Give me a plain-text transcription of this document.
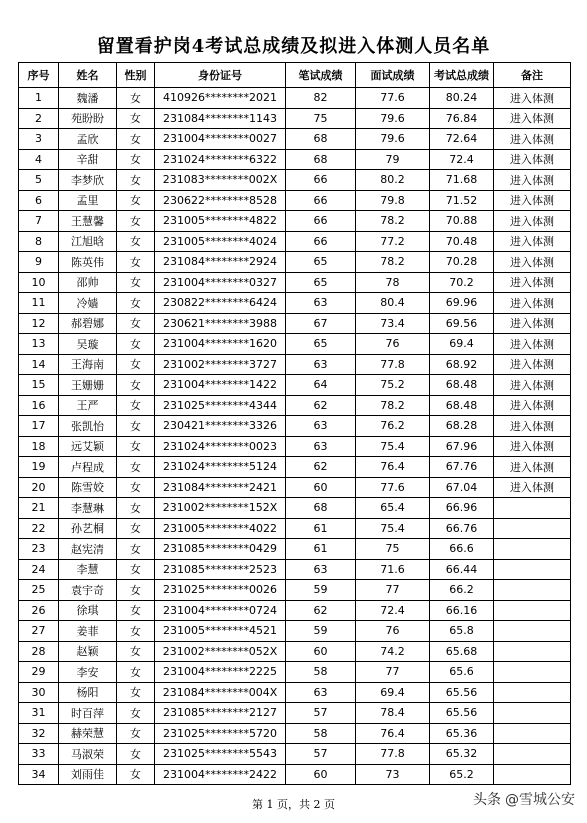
留置看护岗4考试总成绩及拟进入体测人员名单
序号	姓名	性别	身份证号	笔试成绩	面试成绩	考试总成绩	备注
1	魏潘	女	410926********2021	82	77.6	80.24	进入体测
2	苑盼盼	女	231084********1143	75	79.6	76.84	进入体测
3	孟欣	女	231004********0027	68	79.6	72.64	进入体测
4	辛甜	女	231024********6322	68	79	72.4	进入体测
5	李梦欣	女	231083********002X	66	80.2	71.68	进入体测
6	孟里	女	230622********8528	66	79.8	71.52	进入体测
7	王慧馨	女	231005********4822	66	78.2	70.88	进入体测
8	江旭晗	女	231005********4024	66	77.2	70.48	进入体测
9	陈英伟	女	231084********2924	65	78.2	70.28	进入体测
10	邵帅	女	231004********0327	65	78	70.2	进入体测
11	冷嫱	女	230822********6424	63	80.4	69.96	进入体测
12	郝碧娜	女	230621********3988	67	73.4	69.56	进入体测
13	吴璇	女	231004********1620	65	76	69.4	进入体测
14	王海南	女	231002********3727	63	77.8	68.92	进入体测
15	王姗姗	女	231004********1422	64	75.2	68.48	进入体测
16	王严	女	231025********4344	62	78.2	68.48	进入体测
17	张凯怡	女	230421********3326	63	76.2	68.28	进入体测
18	远艾颖	女	231024********0023	63	75.4	67.96	进入体测
19	卢程成	女	231024********5124	62	76.4	67.76	进入体测
20	陈雪姣	女	231084********2421	60	77.6	67.04	进入体测
21	李慧琳	女	231002********152X	68	65.4	66.96	
22	孙艺桐	女	231005********4022	61	75.4	66.76	
23	赵宪清	女	231085********0429	61	75	66.6	
24	李慧	女	231085********2523	63	71.6	66.44	
25	袁宇奇	女	231025********0026	59	77	66.2	
26	徐琪	女	231004********0724	62	72.4	66.16	
27	姜菲	女	231005********4521	59	76	65.8	
28	赵颖	女	231002********052X	60	74.2	65.68	
29	李安	女	231004********2225	58	77	65.6	
30	杨阳	女	231084********004X	63	69.4	65.56	
31	时百萍	女	231085********2127	57	78.4	65.56	
32	赫荣慧	女	231025********5720	58	76.4	65.36	
33	马淑荣	女	231025********5543	57	77.8	65.32	
34	刘雨佳	女	231004********2422	60	73	65.2	
第 1 页，共 2 页	头条 @雪城公安
